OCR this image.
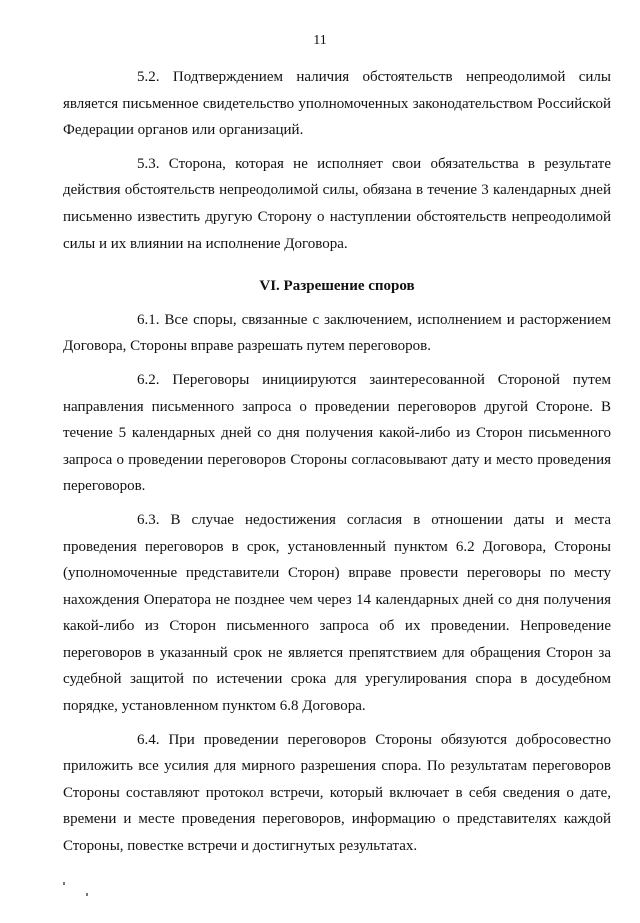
11

5.2. Подтверждением наличия обстоятельств непреодолимой силы является письменное свидетельство уполномоченных законодательством Российской Федерации органов или организаций.

5.3. Сторона, которая не исполняет свои обязательства в результате действия обстоятельств непреодолимой силы, обязана в течение 3 календарных дней письменно известить другую Сторону о наступлении обстоятельств непреодолимой силы и их влиянии на исполнение Договора.

VI. Разрешение споров

6.1. Все споры, связанные с заключением, исполнением и расторжением Договора, Стороны вправе разрешать путем переговоров.

6.2. Переговоры инициируются заинтересованной Стороной путем направления письменного запроса о проведении переговоров другой Стороне. В течение 5 календарных дней со дня получения какой-либо из Сторон письменного запроса о проведении переговоров Стороны согласовывают дату и место проведения переговоров.

6.3. В случае недостижения согласия в отношении даты и места проведения переговоров в срок, установленный пунктом 6.2 Договора, Стороны (уполномоченные представители Сторон) вправе провести переговоры по месту нахождения Оператора не позднее чем через 14 календарных дней со дня получения какой-либо из Сторон письменного запроса об их проведении. Непроведение переговоров в указанный срок не является препятствием для обращения Сторон за судебной защитой по истечении срока для урегулирования спора в досудебном порядке, установленном пунктом 6.8 Договора.

6.4. При проведении переговоров Стороны обязуются добросовестно приложить все усилия для мирного разрешения спора. По результатам переговоров Стороны составляют протокол встречи, который включает в себя сведения о дате, времени и месте проведения переговоров, информацию о представителях каждой Стороны, повестке встречи и достигнутых результатах.
